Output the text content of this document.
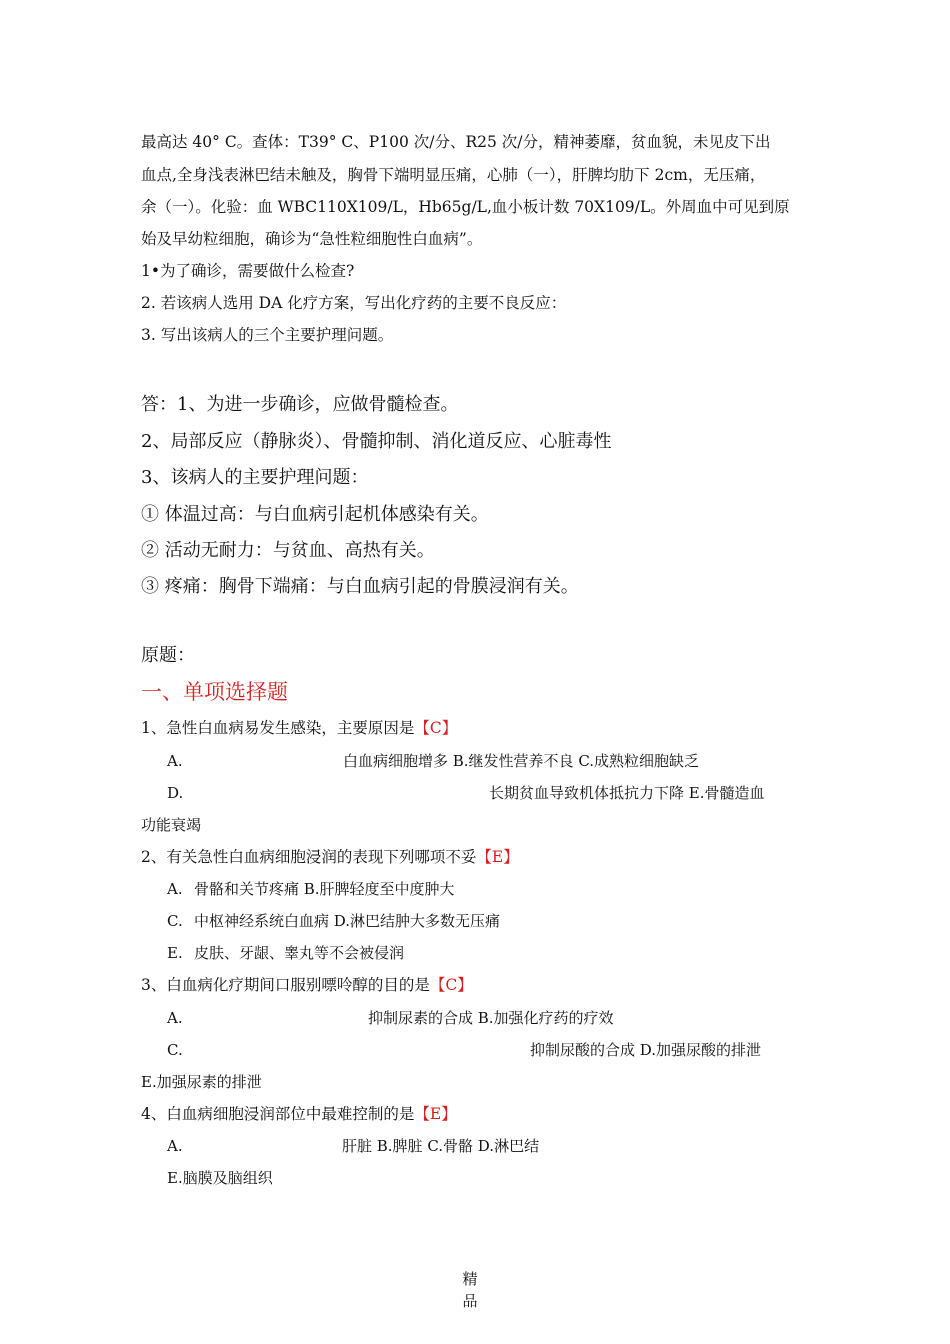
最高达 40° C。查体：T39° C、P100 次/分、R25 次/分，精神萎靡，贫血貌，未见皮下出
血点,全身浅表淋巴结未触及，胸骨下端明显压痛，心肺（一），肝脾均肋下 2cm，无压痛，
余（一）。化验：血 WBC110X109/L，Hb65g/L,血小板计数 70X109/L。外周血中可见到原
始及早幼粒细胞，确诊为“急性粒细胞性白血病”。
1•为了确诊，需要做什么检查?
2. 若该病人选用 DA 化疗方案，写出化疗药的主要不良反应：
3. 写出该病人的三个主要护理问题。
答：1、为进一步确诊，应做骨髓检查。
2、局部反应（静脉炎）、骨髓抑制、消化道反应、心脏毒性
3、该病人的主要护理问题：
① 体温过高：与白血病引起机体感染有关。
② 活动无耐力：与贫血、高热有关。
③ 疼痛：胸骨下端痛：与白血病引起的骨膜浸润有关。
原题：
一、单项选择题
1、急性白血病易发生感染，主要原因是【C】
A.	白血病细胞增多 B.继发性营养不良 C.成熟粒细胞缺乏
D.	长期贫血导致机体抵抗力下降 E.骨髓造血
功能衰竭
2、有关急性白血病细胞浸润的表现下列哪项不妥【E】
A. 骨骼和关节疼痛 B.肝脾轻度至中度肿大
C. 中枢神经系统白血病 D.淋巴结肿大多数无压痛
E. 皮肤、牙龈、睾丸等不会被侵润
3、白血病化疗期间口服别嘌呤醇的目的是【C】
A.	抑制尿素的合成 B.加强化疗药的疗效
C.	抑制尿酸的合成 D.加强尿酸的排泄
E.加强尿素的排泄
4、白血病细胞浸润部位中最难控制的是【E】
A.	肝脏 B.脾脏 C.骨骼 D.淋巴结
E.脑膜及脑组织
精
品
